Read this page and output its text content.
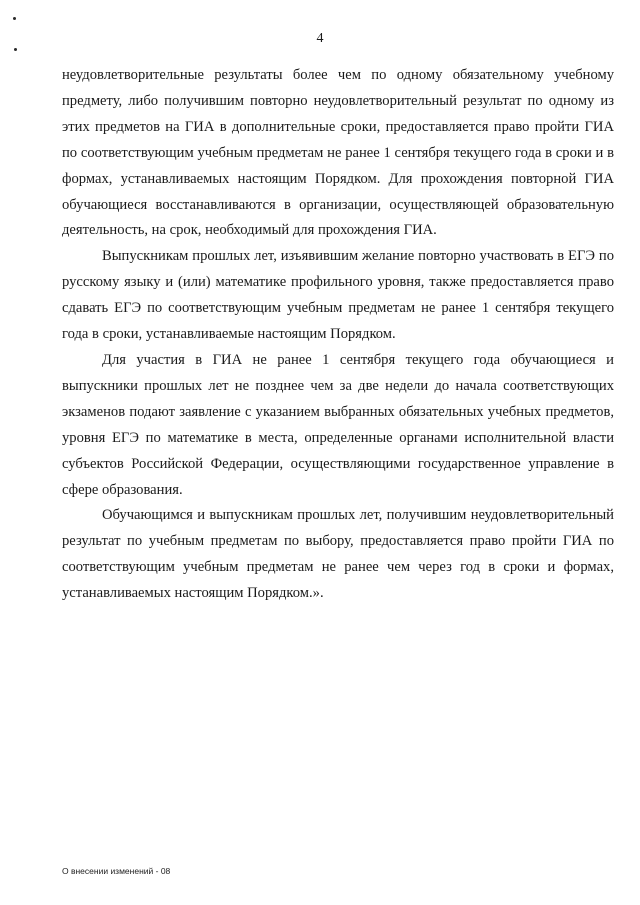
4

неудовлетворительные результаты более чем по одному обязательному учебному предмету, либо получившим повторно неудовлетворительный результат по одному из этих предметов на ГИА в дополнительные сроки, предоставляется право пройти ГИА по соответствующим учебным предметам не ранее 1 сентября текущего года в сроки и в формах, устанавливаемых настоящим Порядком. Для прохождения повторной ГИА обучающиеся восстанавливаются в организации, осуществляющей образовательную деятельность, на срок, необходимый для прохождения ГИА.

Выпускникам прошлых лет, изъявившим желание повторно участвовать в ЕГЭ по русскому языку и (или) математике профильного уровня, также предоставляется право сдавать ЕГЭ по соответствующим учебным предметам не ранее 1 сентября текущего года в сроки, устанавливаемые настоящим Порядком.

Для участия в ГИА не ранее 1 сентября текущего года обучающиеся и выпускники прошлых лет не позднее чем за две недели до начала соответствующих экзаменов подают заявление с указанием выбранных обязательных учебных предметов, уровня ЕГЭ по математике в места, определенные органами исполнительной власти субъектов Российской Федерации, осуществляющими государственное управление в сфере образования.

Обучающимся и выпускникам прошлых лет, получившим неудовлетворительный результат по учебным предметам по выбору, предоставляется право пройти ГИА по соответствующим учебным предметам не ранее чем через год в сроки и формах, устанавливаемых настоящим Порядком.».

О внесении изменений - 08
